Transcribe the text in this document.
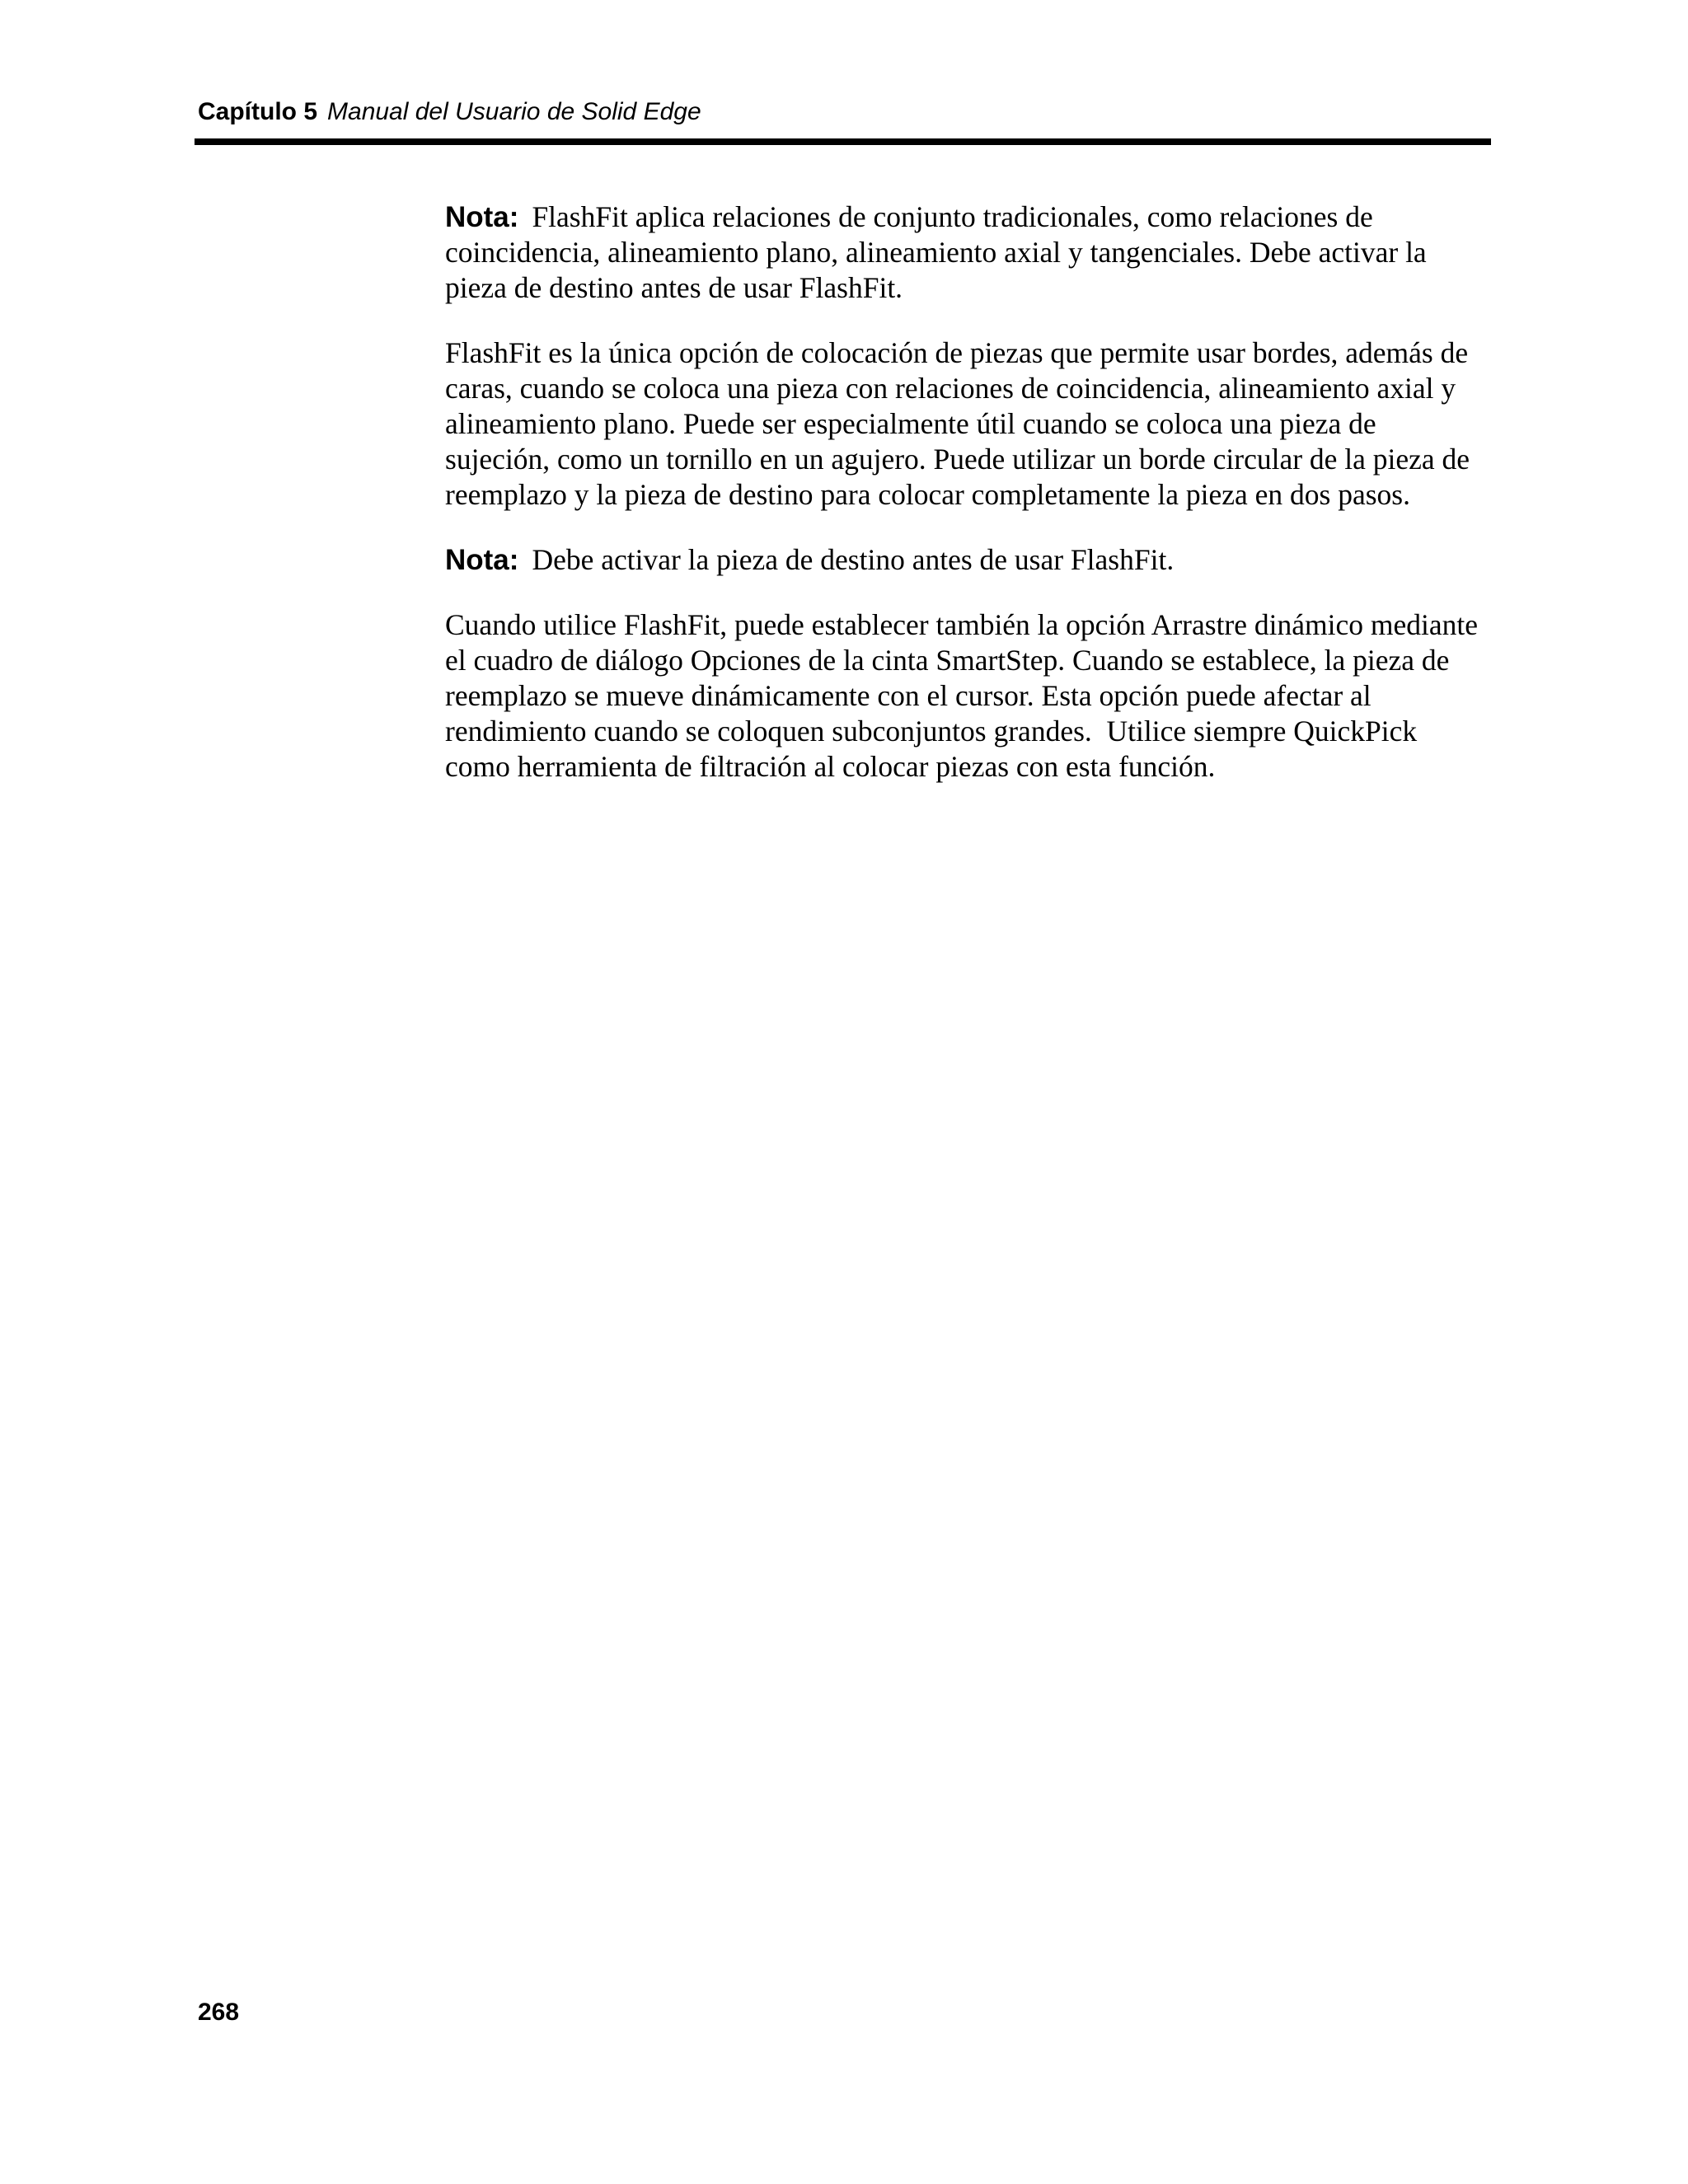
Capítulo 5 Manual del Usuario de Solid Edge

Nota: FlashFit aplica relaciones de conjunto tradicionales, como relaciones de coincidencia, alineamiento plano, alineamiento axial y tangenciales. Debe activar la pieza de destino antes de usar FlashFit.

FlashFit es la única opción de colocación de piezas que permite usar bordes, además de caras, cuando se coloca una pieza con relaciones de coincidencia, alineamiento axial y alineamiento plano. Puede ser especialmente útil cuando se coloca una pieza de sujeción, como un tornillo en un agujero. Puede utilizar un borde circular de la pieza de reemplazo y la pieza de destino para colocar completamente la pieza en dos pasos.

Nota: Debe activar la pieza de destino antes de usar FlashFit.

Cuando utilice FlashFit, puede establecer también la opción Arrastre dinámico mediante el cuadro de diálogo Opciones de la cinta SmartStep. Cuando se establece, la pieza de reemplazo se mueve dinámicamente con el cursor. Esta opción puede afectar al rendimiento cuando se coloquen subconjuntos grandes.  Utilice siempre QuickPick como herramienta de filtración al colocar piezas con esta función.

268
